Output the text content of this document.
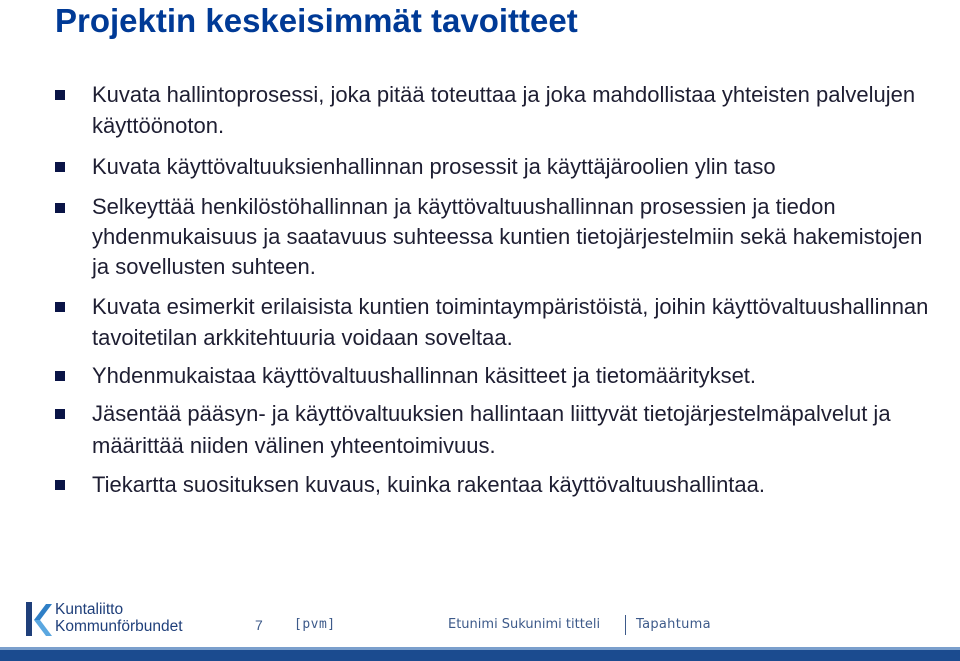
Projektin keskeisimmät tavoitteet
Kuvata hallintoprosessi, joka pitää toteuttaa ja joka mahdollistaa yhteisten palvelujen käyttöönoton.
Kuvata käyttövaltuuksienhallinnan prosessit ja käyttäjäroolien ylin taso
Selkeyttää henkilöstöhallinnan ja käyttövaltuushallinnan prosessien ja tiedon yhdenmukaisuus ja saatavuus suhteessa kuntien tietojärjestelmiin sekä hakemistojen ja sovellusten suhteen.
Kuvata esimerkit erilaisista kuntien toimintaympäristöistä, joihin käyttövaltuushallinnan tavoitetilan arkkitehtuuria voidaan soveltaa.
Yhdenmukaistaa käyttövaltuushallinnan käsitteet ja tietomääritykset.
Jäsentää pääsyn- ja käyttövaltuuksien hallintaan liittyvät tietojärjestelmäpalvelut ja määrittää niiden välinen yhteentoimivuus.
Tiekartta suosituksen kuvaus, kuinka rakentaa käyttövaltuushallintaa.
Kuntaliitto
Kommunförbundet	7 [pvm]	Etunimi Sukunimi titteli	Tapahtuma
